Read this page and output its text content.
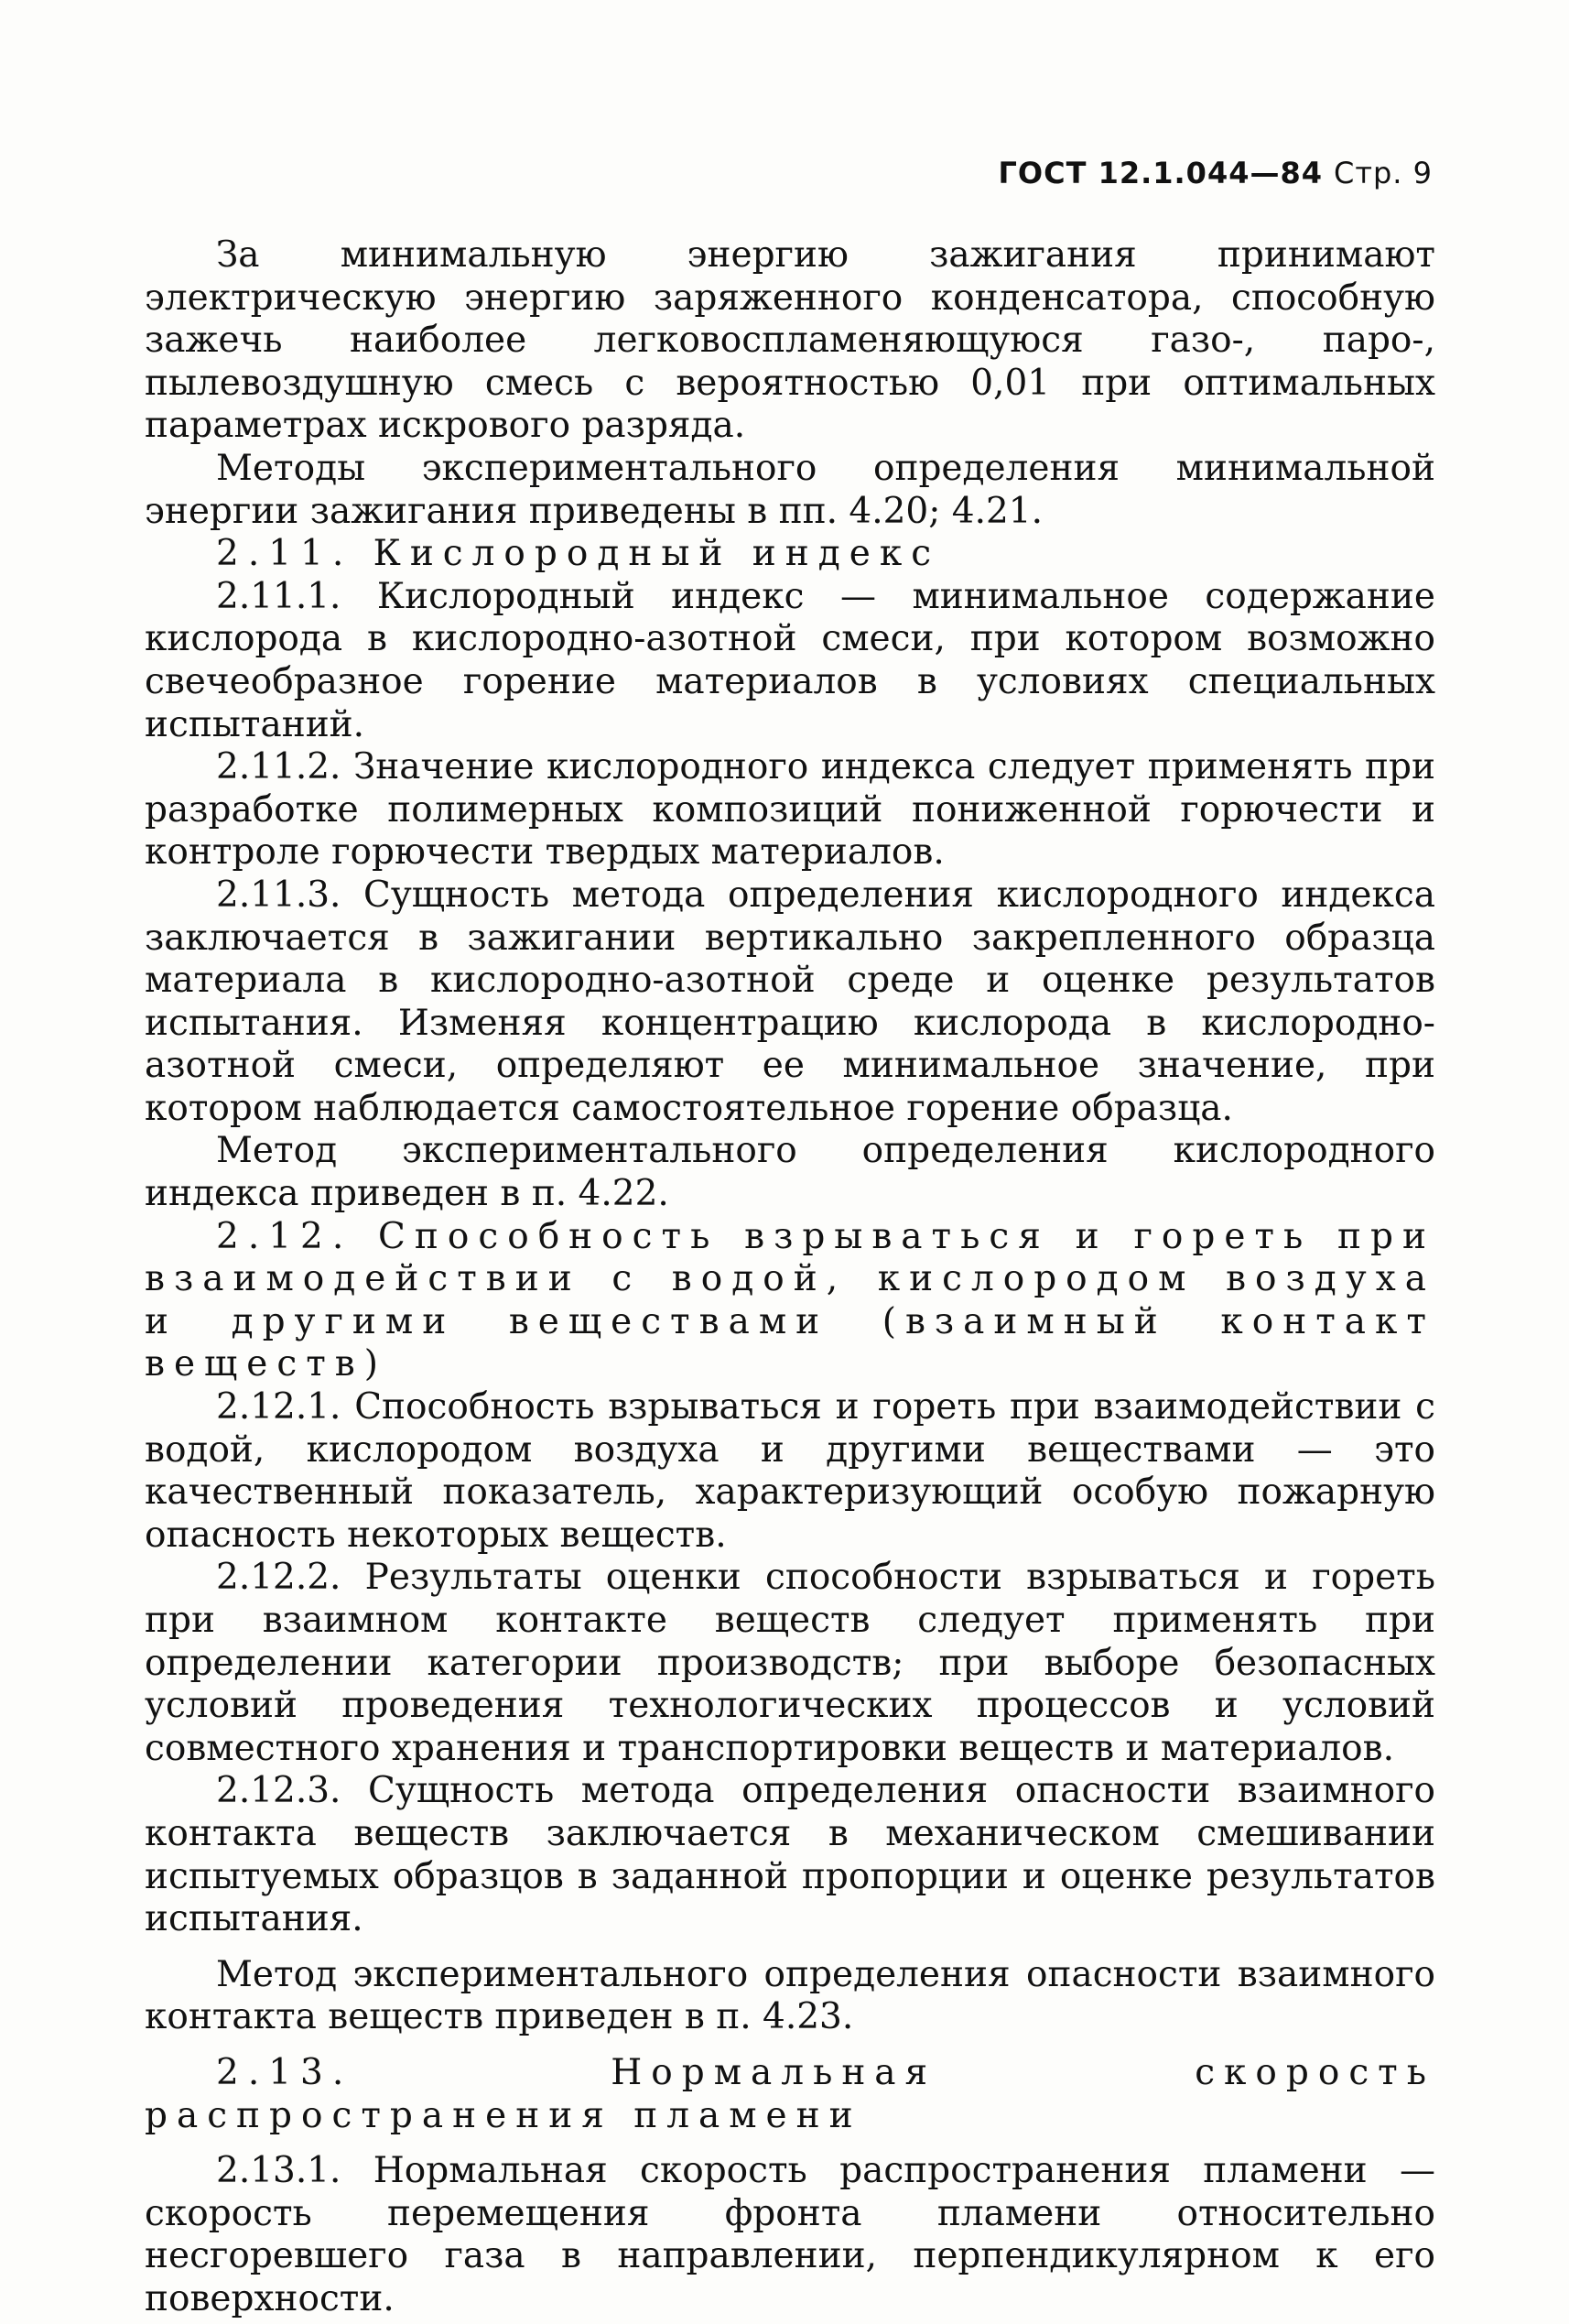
ГОСТ 12.1.044—84 Стр. 9

За минимальную энергию зажигания принимают электрическую энергию заряженного конденсатора, способную зажечь наиболее легковоспламеняющуюся газо-, паро-, пылевоздушную смесь с вероятностью 0,01 при оптимальных параметрах искрового разряда.

Методы экспериментального определения минимальной энергии зажигания приведены в пп. 4.20; 4.21.

2.11. Кислородный индекс

2.11.1. Кислородный индекс — минимальное содержание кислорода в кислородно-азотной смеси, при котором возможно свечеобразное горение материалов в условиях специальных испытаний.

2.11.2. Значение кислородного индекса следует применять при разработке полимерных композиций пониженной горючести и контроле горючести твердых материалов.

2.11.3. Сущность метода определения кислородного индекса заключается в зажигании вертикально закрепленного образца материала в кислородно-азотной среде и оценке результатов испытания. Изменяя концентрацию кислорода в кислородно-азотной смеси, определяют ее минимальное значение, при котором наблюдается самостоятельное горение образца.

Метод экспериментального определения кислородного индекса приведен в п. 4.22.

2.12. Способность взрываться и гореть при взаимодействии с водой, кислородом воздуха и другими веществами (взаимный контакт веществ)

2.12.1. Способность взрываться и гореть при взаимодействии с водой, кислородом воздуха и другими веществами — это качественный показатель, характеризующий особую пожарную опасность некоторых веществ.

2.12.2. Результаты оценки способности взрываться и гореть при взаимном контакте веществ следует применять при определении категории производств; при выборе безопасных условий проведения технологических процессов и условий совместного хранения и транспортировки веществ и материалов.

2.12.3. Сущность метода определения опасности взаимного контакта веществ заключается в механическом смешивании испытуемых образцов в заданной пропорции и оценке результатов испытания.

Метод экспериментального определения опасности взаимного контакта веществ приведен в п. 4.23.

2.13. Нормальная скорость распространения пламени

2.13.1. Нормальная скорость распространения пламени — скорость перемещения фронта пламени относительно несгоревшего газа в направлении, перпендикулярном к его поверхности.
